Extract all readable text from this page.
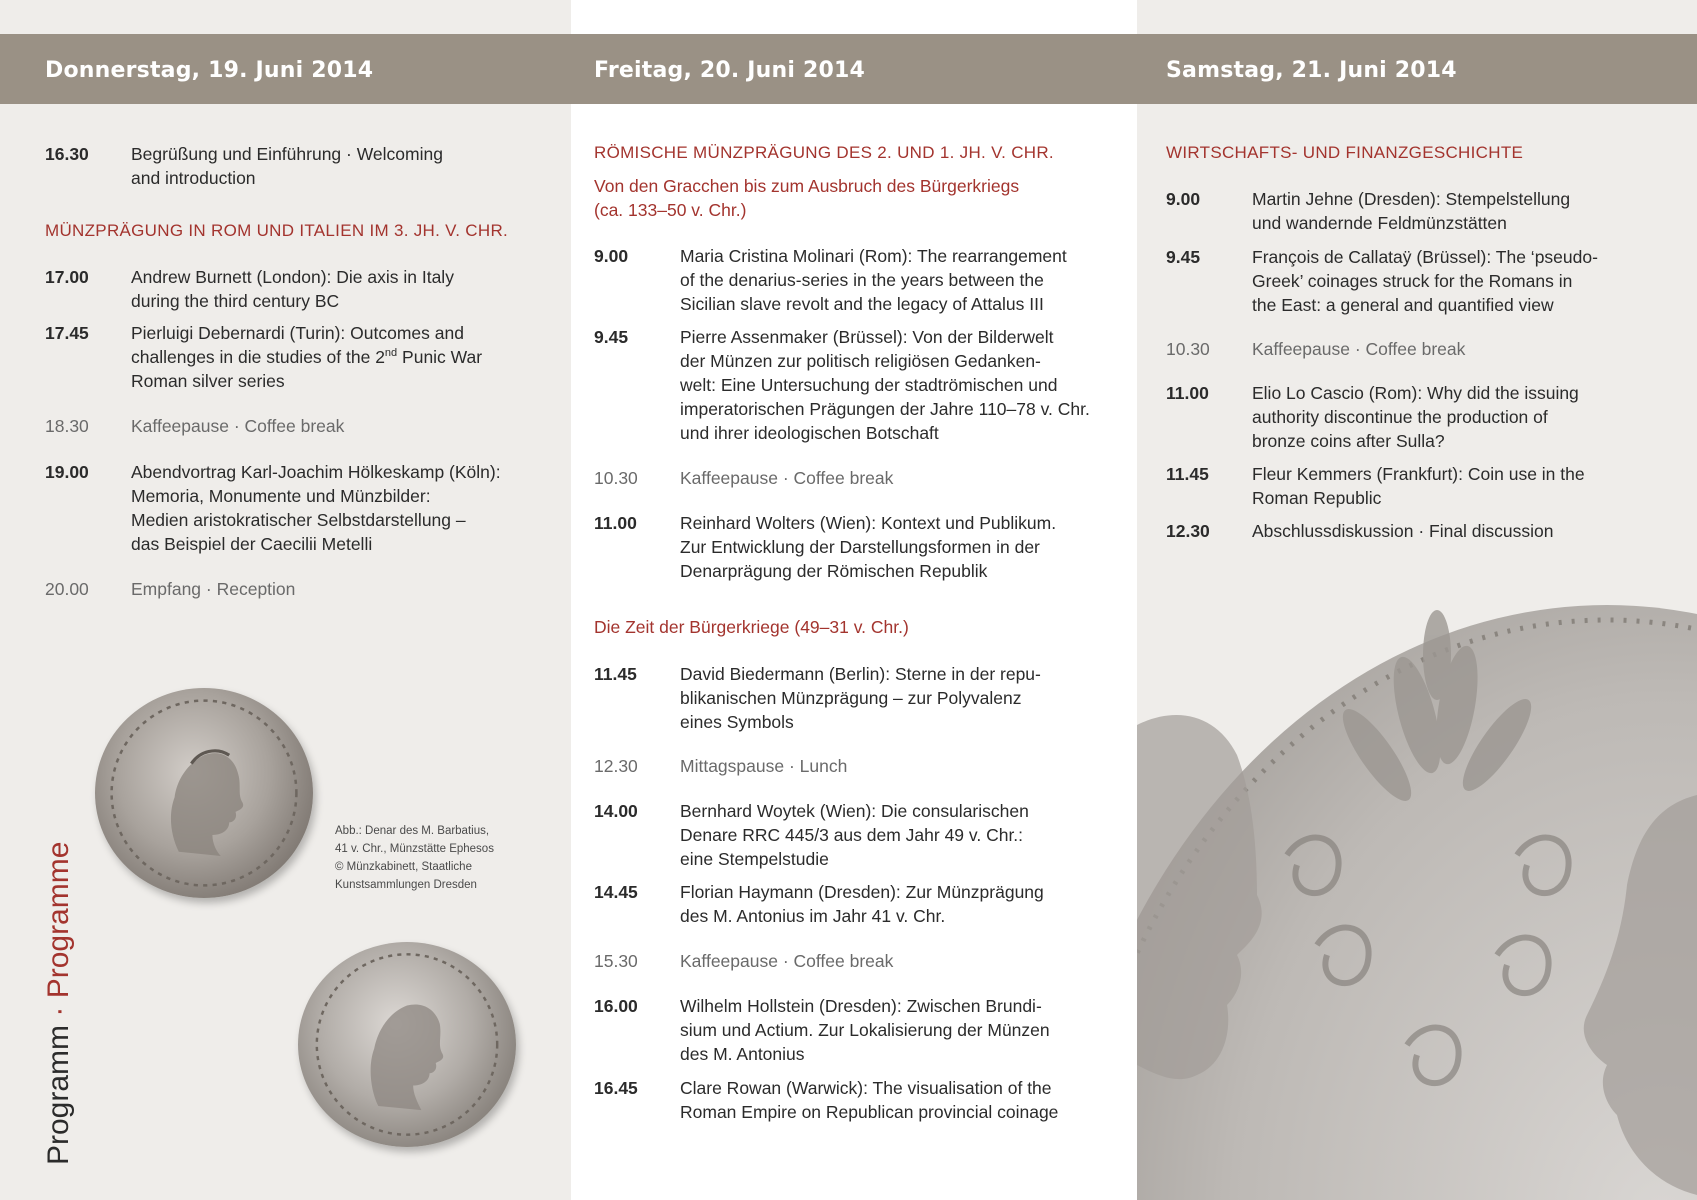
Donnerstag, 19. Juni 2014
16.30	Begrüßung und Einführung · Welcoming
and introduction
MÜNZPRÄGUNG IN ROM UND ITALIEN IM 3. JH. V. CHR.
17.00	Andrew Burnett (London): Die axis in Italy
during the third century BC
17.45	Pierluigi Debernardi (Turin): Outcomes and
challenges in die studies of the 2nd Punic War
Roman silver series
18.30	Kaffeepause · Coffee break
19.00	Abendvortrag Karl-Joachim Hölkeskamp (Köln):
Memoria, Monumente und Münzbilder:
Medien aristokratischer Selbstdarstellung –
das Beispiel der Caecilii Metelli
20.00	Empfang · Reception
Abb.: Denar des M. Barbatius,
41 v. Chr., Münzstätte Ephesos
© Münzkabinett, Staatliche
Kunstsammlungen Dresden
Programm · Programme
Freitag, 20. Juni 2014
RÖMISCHE MÜNZPRÄGUNG DES 2. UND 1. JH. V. CHR.
Von den Gracchen bis zum Ausbruch des Bürgerkriegs
(ca. 133–50 v. Chr.)
9.00	Maria Cristina Molinari (Rom): The rearrangement
of the denarius-series in the years between the
Sicilian slave revolt and the legacy of Attalus III
9.45	Pierre Assenmaker (Brüssel): Von der Bilderwelt
der Münzen zur politisch religiösen Gedanken-
welt: Eine Untersuchung der stadtrömischen und
imperatorischen Prägungen der Jahre 110–78 v. Chr.
und ihrer ideologischen Botschaft
10.30	Kaffeepause · Coffee break
11.00	Reinhard Wolters (Wien): Kontext und Publikum.
Zur Entwicklung der Darstellungsformen in der
Denarprägung der Römischen Republik
Die Zeit der Bürgerkriege (49–31 v. Chr.)
11.45	David Biedermann (Berlin): Sterne in der repu-
blikanischen Münzprägung – zur Polyvalenz
eines Symbols
12.30	Mittagspause · Lunch
14.00	Bernhard Woytek (Wien): Die consularischen
Denare RRC 445/3 aus dem Jahr 49 v. Chr.:
eine Stempelstudie
14.45	Florian Haymann (Dresden): Zur Münzprägung
des M. Antonius im Jahr 41 v. Chr.
15.30	Kaffeepause · Coffee break
16.00	Wilhelm Hollstein (Dresden): Zwischen Brundi-
sium und Actium. Zur Lokalisierung der Münzen
des M. Antonius
16.45	Clare Rowan (Warwick): The visualisation of the
Roman Empire on Republican provincial coinage
Samstag, 21. Juni 2014
WIRTSCHAFTS- UND FINANZGESCHICHTE
9.00	Martin Jehne (Dresden): Stempelstellung
und wandernde Feldmünzstätten
9.45	François de Callataÿ (Brüssel): The ‘pseudo-
Greek’ coinages struck for the Romans in
the East: a general and quantified view
10.30	Kaffeepause · Coffee break
11.00	Elio Lo Cascio (Rom): Why did the issuing
authority discontinue the production of
bronze coins after Sulla?
11.45	Fleur Kemmers (Frankfurt): Coin use in the
Roman Republic
12.30	Abschlussdiskussion · Final discussion
